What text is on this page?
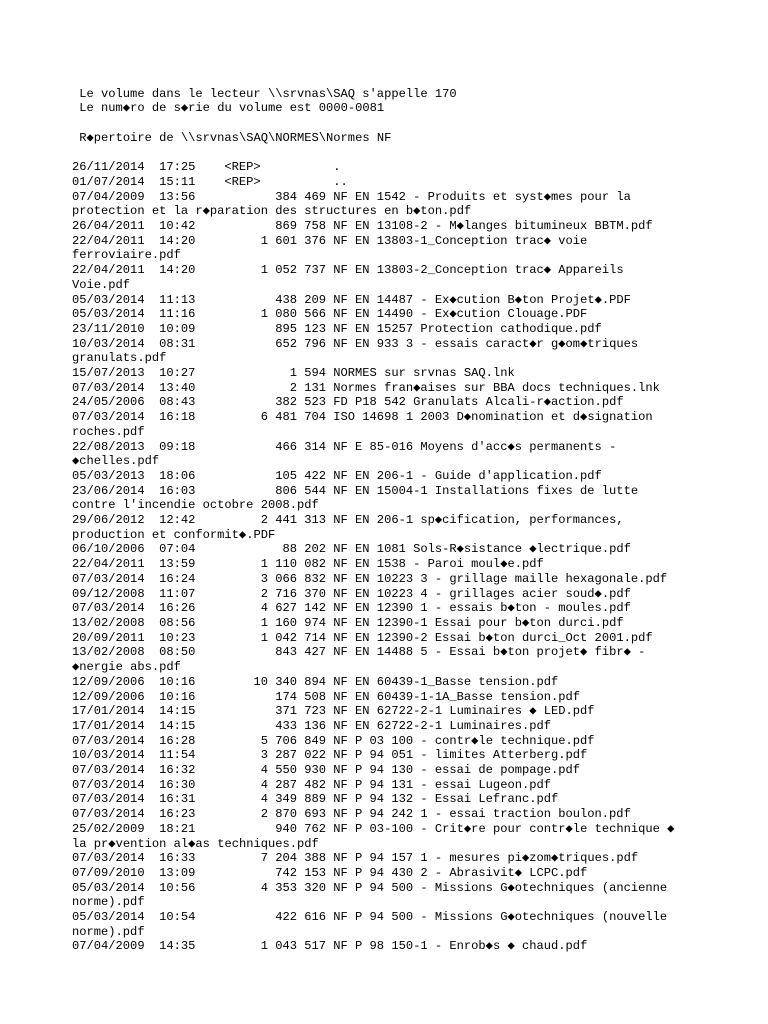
Le volume dans le lecteur \\srvnas\SAQ s'appelle 170
Le num◆ro de s◆rie du volume est 0000-0081
R◆pertoire de \\srvnas\SAQ\NORMES\Normes NF
26/11/2014  17:25    <REP>          .
01/07/2014  15:11    <REP>          ..
07/04/2009  13:56           384 469 NF EN 1542 - Produits et syst◆mes pour la
protection et la r◆paration des structures en b◆ton.pdf
26/04/2011  10:42           869 758 NF EN 13108-2 - M◆langes bitumineux BBTM.pdf
22/04/2011  14:20         1 601 376 NF EN 13803-1_Conception trac◆ voie
ferroviaire.pdf
22/04/2011  14:20         1 052 737 NF EN 13803-2_Conception trac◆ Appareils
Voie.pdf
05/03/2014  11:13           438 209 NF EN 14487 - Ex◆cution B◆ton Projet◆.PDF
05/03/2014  11:16         1 080 566 NF EN 14490 - Ex◆cution Clouage.PDF
23/11/2010  10:09           895 123 NF EN 15257 Protection cathodique.pdf
10/03/2014  08:31           652 796 NF EN 933 3 - essais caract◆r g◆om◆triques
granulats.pdf
15/07/2013  10:27             1 594 NORMES sur srvnas SAQ.lnk
07/03/2014  13:40             2 131 Normes fran◆aises sur BBA docs techniques.lnk
24/05/2006  08:43           382 523 FD P18 542 Granulats Alcali-r◆action.pdf
07/03/2014  16:18         6 481 704 ISO 14698 1 2003 D◆nomination et d◆signation
roches.pdf
22/08/2013  09:18           466 314 NF E 85-016 Moyens d'acc◆s permanents -
◆chelles.pdf
05/03/2013  18:06           105 422 NF EN 206-1 - Guide d'application.pdf
23/06/2014  16:03           806 544 NF EN 15004-1 Installations fixes de lutte
contre l'incendie octobre 2008.pdf
29/06/2012  12:42         2 441 313 NF EN 206-1 sp◆cification, performances,
production et conformit◆.PDF
06/10/2006  07:04            88 202 NF EN 1081 Sols-R◆sistance ◆lectrique.pdf
22/04/2011  13:59         1 110 082 NF EN 1538 - Paroi moul◆e.pdf
07/03/2014  16:24         3 066 832 NF EN 10223 3 - grillage maille hexagonale.pdf
09/12/2008  11:07         2 716 370 NF EN 10223 4 - grillages acier soud◆.pdf
07/03/2014  16:26         4 627 142 NF EN 12390 1 - essais b◆ton - moules.pdf
13/02/2008  08:56         1 160 974 NF EN 12390-1 Essai pour b◆ton durci.pdf
20/09/2011  10:23         1 042 714 NF EN 12390-2 Essai b◆ton durci_Oct 2001.pdf
13/02/2008  08:50           843 427 NF EN 14488 5 - Essai b◆ton projet◆ fibr◆ -
◆nergie abs.pdf
12/09/2006  10:16        10 340 894 NF EN 60439-1_Basse tension.pdf
12/09/2006  10:16           174 508 NF EN 60439-1-1A_Basse tension.pdf
17/01/2014  14:15           371 723 NF EN 62722-2-1 Luminaires ◆ LED.pdf
17/01/2014  14:15           433 136 NF EN 62722-2-1 Luminaires.pdf
07/03/2014  16:28         5 706 849 NF P 03 100 - contr◆le technique.pdf
10/03/2014  11:54         3 287 022 NF P 94 051 - limites Atterberg.pdf
07/03/2014  16:32         4 550 930 NF P 94 130 - essai de pompage.pdf
07/03/2014  16:30         4 287 482 NF P 94 131 - essai Lugeon.pdf
07/03/2014  16:31         4 349 889 NF P 94 132 - Essai Lefranc.pdf
07/03/2014  16:23         2 870 693 NF P 94 242 1 - essai traction boulon.pdf
25/02/2009  18:21           940 762 NF P 03-100 - Crit◆re pour contr◆le technique ◆
la pr◆vention al◆as techniques.pdf
07/03/2014  16:33         7 204 388 NF P 94 157 1 - mesures pi◆zom◆triques.pdf
07/09/2010  13:09           742 153 NF P 94 430 2 - Abrasivit◆ LCPC.pdf
05/03/2014  10:56         4 353 320 NF P 94 500 - Missions G◆otechniques (ancienne
norme).pdf
05/03/2014  10:54           422 616 NF P 94 500 - Missions G◆otechniques (nouvelle
norme).pdf
07/04/2009  14:35         1 043 517 NF P 98 150-1 - Enrob◆s ◆ chaud.pdf
